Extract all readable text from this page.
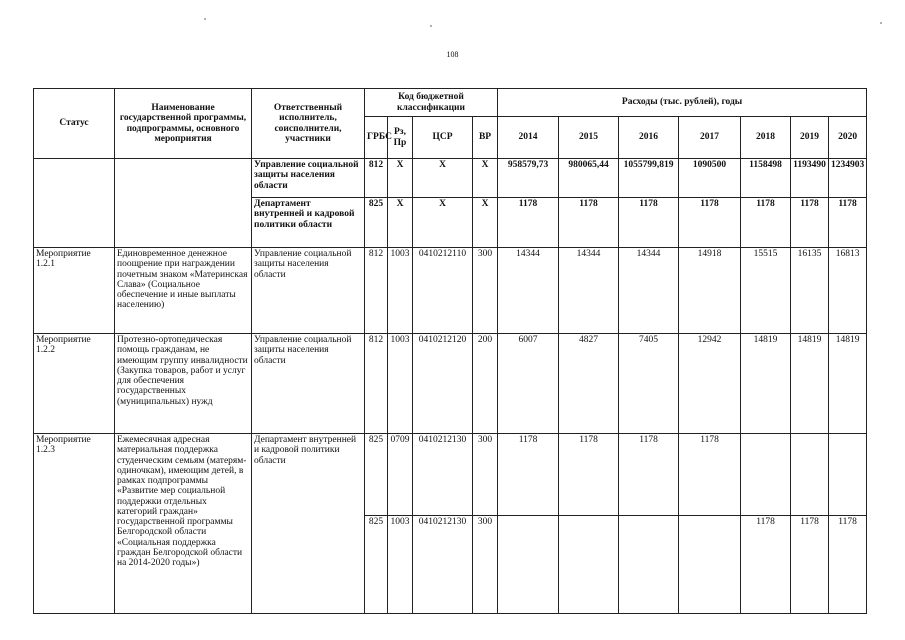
108
Статус	Наименование государственной программы, подпрограммы, основного мероприятия	Ответственный исполнитель, соисполнители, участники	Код бюджетной классификации				Расходы (тыс. рублей), годы						
			ГРБС	Рз, Пр	ЦСР	ВР	2014	2015	2016	2017	2018	2019	2020
		Управление социальной защиты населения области	812	Х	Х	Х	958579,73	980065,44	1055799,819	1090500	1158498	1193490	1234903
		Департамент внутренней и кадровой политики области	825	Х	Х	Х	1178	1178	1178	1178	1178	1178	1178
Мероприятие 1.2.1	Единовременное денежное поощрение при награждении почетным знаком «Материнская Слава» (Социальное обеспечение и иные выплаты населению)	Управление социальной защиты населения области	812	1003	0410212110	300	14344	14344	14344	14918	15515	16135	16813
Мероприятие 1.2.2	Протезно-ортопедическая помощь гражданам, не имеющим группу инвалидности (Закупка товаров, работ и услуг для обеспечения государственных (муниципальных) нужд	Управление социальной защиты населения области	812	1003	0410212120	200	6007	4827	7405	12942	14819	14819	14819
Мероприятие 1.2.3	Ежемесячная адресная материальная поддержка студенческим семьям (матерям-одиночкам), имеющим детей, в рамках подпрограммы «Развитие мер социальной поддержки отдельных категорий граждан» государственной программы Белгородской области «Социальная поддержка граждан Белгородской области на 2014-2020 годы»)	Департамент внутренней и кадровой политики области	825	0709	0410212130	300	1178	1178	1178	1178			
			825	1003	0410212130	300					1178	1178	1178
